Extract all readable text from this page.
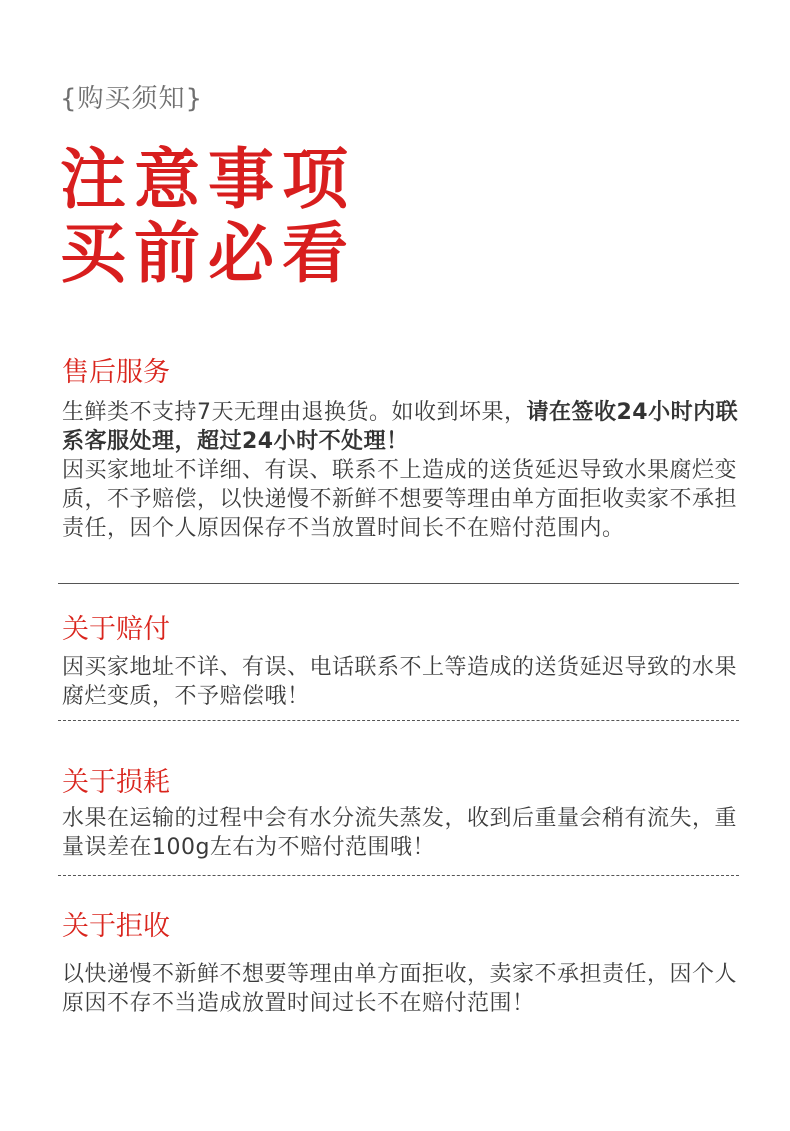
{购买须知}
注意事项
买前必看
售后服务

生鲜类不支持7天无理由退换货。如收到坏果，请在签收24小时内联系客服处理，超过24小时不处理！

因买家地址不详细、有误、联系不上造成的送货延迟导致水果腐烂变质，不予赔偿，以快递慢不新鲜不想要等理由单方面拒收卖家不承担责任，因个人原因保存不当放置时间长不在赔付范围内。

关于赔付
因买家地址不详、有误、电话联系不上等造成的送货延迟导致的水果腐烂变质，不予赔偿哦！
关于损耗
水果在运输的过程中会有水分流失蒸发，收到后重量会稍有流失，重量误差在100g左右为不赔付范围哦！
关于拒收
以快递慢不新鲜不想要等理由单方面拒收，卖家不承担责任，因个人原因不存不当造成放置时间过长不在赔付范围！
